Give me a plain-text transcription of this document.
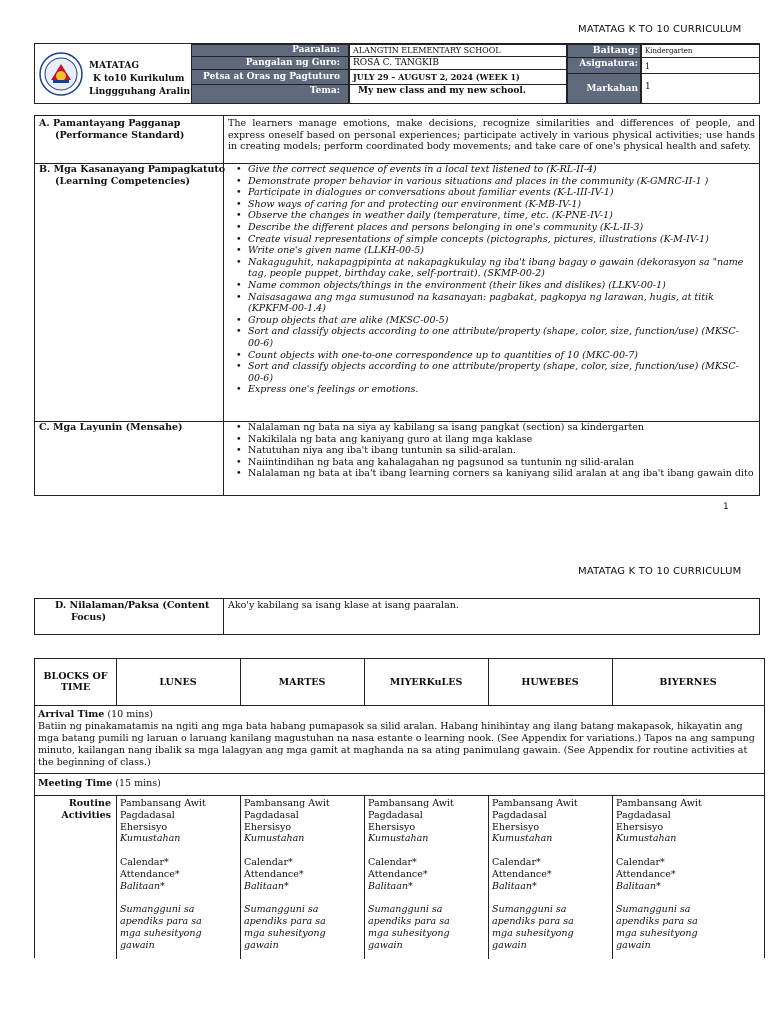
MATATAG K TO 10 CURRICULUM
MATATAG
K to10 Kurikulum
Linggguhang Aralin
Paaralan:	ALANGTIN ELEMENTARY SCHOOL
Pangalan ng Guro:	ROSA C. TANGKIB
Petsa at Oras ng Pagtuturo	JULY 29 – AUGUST 2, 2024 (WEEK 1)
Tema:	My new class and my new school.
Baitang:	Kindergarten
Asignatura: 1
Markahan 1
A. Pamantayang Pagganap
(Performance Standard)
The learners manage emotions, make decisions, recognize similarities and differences of people, and express oneself based on personal experiences; participate actively in various physical activities; use hands in creating models; perform coordinated body movements; and take care of one's physical health and safety.
B. Mga Kasanayang Pampagkatuto
(Learning Competencies)
• Give the correct sequence of events in a local text listened to (K-RL-II-4)
• Demonstrate proper behavior in various situations and places in the community (K-GMRC-II-1 )
• Participate in dialogues or conversations about familiar events (K-L-III-IV-1)
• Show ways of caring for and protecting our environment (K-MB-IV-1)
• Observe the changes in weather daily (temperature, time, etc. (K-PNE-IV-1)
• Describe the different places and persons belonging in one's community (K-L-II-3)
• Create visual representations of simple concepts (pictographs, pictures, illustrations (K-M-IV-1)
• Write one's given name (LLKH-00-5)
• Nakaguguhit, nakapagpipinta at nakapagkukulay ng iba't ibang bagay o gawain (dekorasyon sa "name tag, people puppet, birthday cake, self-portrait). (SKMP-00-2)
• Name common objects/things in the environment (their likes and dislikes) (LLKV-00-1)
• Naisasagawa ang mga sumusunod na kasanayan: pagbakat, pagkopya ng larawan, hugis, at titik (KPKFM-00-1.4)
• Group objects that are alike (MKSC-00-5)
• Sort and classify objects according to one attribute/property (shape, color, size, function/use) (MKSC-00-6)
• Count objects with one-to-one correspondence up to quantities of 10 (MKC-00-7)
• Sort and classify objects according to one attribute/property (shape, color, size, function/use) (MKSC-00-6)
• Express one's feelings or emotions.
C. Mga Layunin (Mensahe)
•	Nalalaman ng bata na siya ay kabilang sa isang pangkat (section) sa kindergarten
• Nakikilala ng bata ang kaniyang guro at ilang mga kaklase
• Natutuhan niya ang iba't ibang tuntunin sa silid-aralan.
• Naiintindihan ng bata ang kahalagahan ng pagsunod sa tuntunin ng silid-aralan
• Nalalaman ng bata at iba't ibang learning corners sa kaniyang silid aralan at ang iba't ibang gawain dito
1
MATATAG K TO 10 CURRICULUM
D. Nilalaman/Paksa (Content
Focus)
Ako'y kabilang sa isang klase at isang paaralan.
BLOCKS OF
TIME	LUNES	MARTES	MIYERKuLES	HUWEBES	BIYERNES
Arrival Time (10 mins)
Batiin ng pinakamatamis na ngiti ang mga bata habang pumapasok sa silid aralan. Habang hinihintay ang ilang batang makapasok, hikayatin ang mga batang pumili ng laruan o laruang kanilang magustuhan na nasa estante o learning nook. (See Appendix for variations.) Tapos na ang sampung minuto, kailangan nang ibalik sa mga lalagyan ang mga gamit at maghanda na sa ating panimulang gawain. (See Appendix for routine activities at the beginning of class.)
Meeting Time (15 mins)
Routine
Activities
Pambansang Awit
Pagdadasal
Ehersisyo
Kumustahan
Calendar*
Attendance*
Balitaan*
Sumangguni sa
apendiks para sa
mga suhesityong
gawain
Pambansang Awit
Pagdadasal
Ehersisyo
Kumustahan
Calendar*
Attendance*
Balitaan*
Sumangguni sa
apendiks para sa
mga suhesityong
gawain
Pambansang Awit
Pagdadasal
Ehersisyo
Kumustahan
Calendar*
Attendance*
Balitaan*
Sumangguni sa
apendiks para sa
mga suhesityong
gawain
Pambansang Awit
Pagdadasal
Ehersisyo
Kumustahan
Calendar*
Attendance*
Balitaan*
Sumangguni sa
apendiks para sa
mga suhesityong
gawain
Pambansang Awit
Pagdadasal
Ehersisyo
Kumustahan
Calendar*
Attendance*
Balitaan*
Sumangguni sa
apendiks para sa
mga suhesityong
gawain
